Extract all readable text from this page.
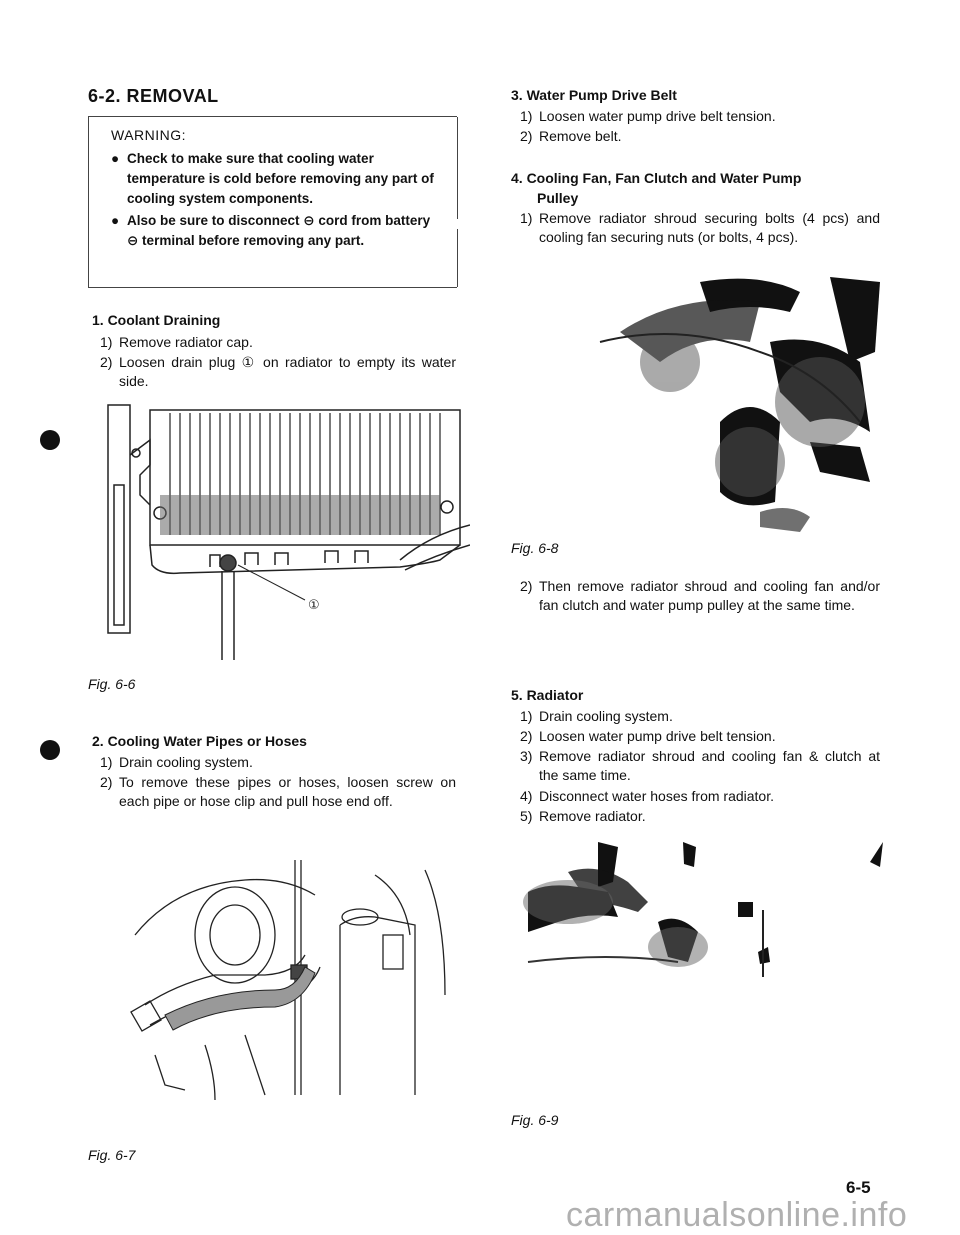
6-2. REMOVAL
WARNING:
● Check to make sure that cooling water temperature is cold before removing any part of cooling system components.
● Also be sure to disconnect ⊖ cord from battery ⊖ terminal before removing any part.
1. Coolant Draining
1) Remove radiator cap.
2) Loosen drain plug ① on radiator to empty its water side.
①
Fig. 6-6
2. Cooling Water Pipes or Hoses
1) Drain cooling system.
2) To remove these pipes or hoses, loosen screw on each pipe or hose clip and pull hose end off.
Fig. 6-7
3. Water Pump Drive Belt
1) Loosen water pump drive belt tension.
2) Remove belt.
4. Cooling Fan, Fan Clutch and Water Pump
Pulley
1) Remove radiator shroud securing bolts (4 pcs) and cooling fan securing nuts (or bolts, 4 pcs).
Fig. 6-8
2) Then remove radiator shroud and cooling fan and/or fan clutch and water pump pulley at the same time.
5. Radiator
1) Drain cooling system.
2) Loosen water pump drive belt tension.
3) Remove radiator shroud and cooling fan & clutch at the same time.
4) Disconnect water hoses from radiator.
5) Remove radiator.
Fig. 6-9
6-5
carmanualsonline.info
